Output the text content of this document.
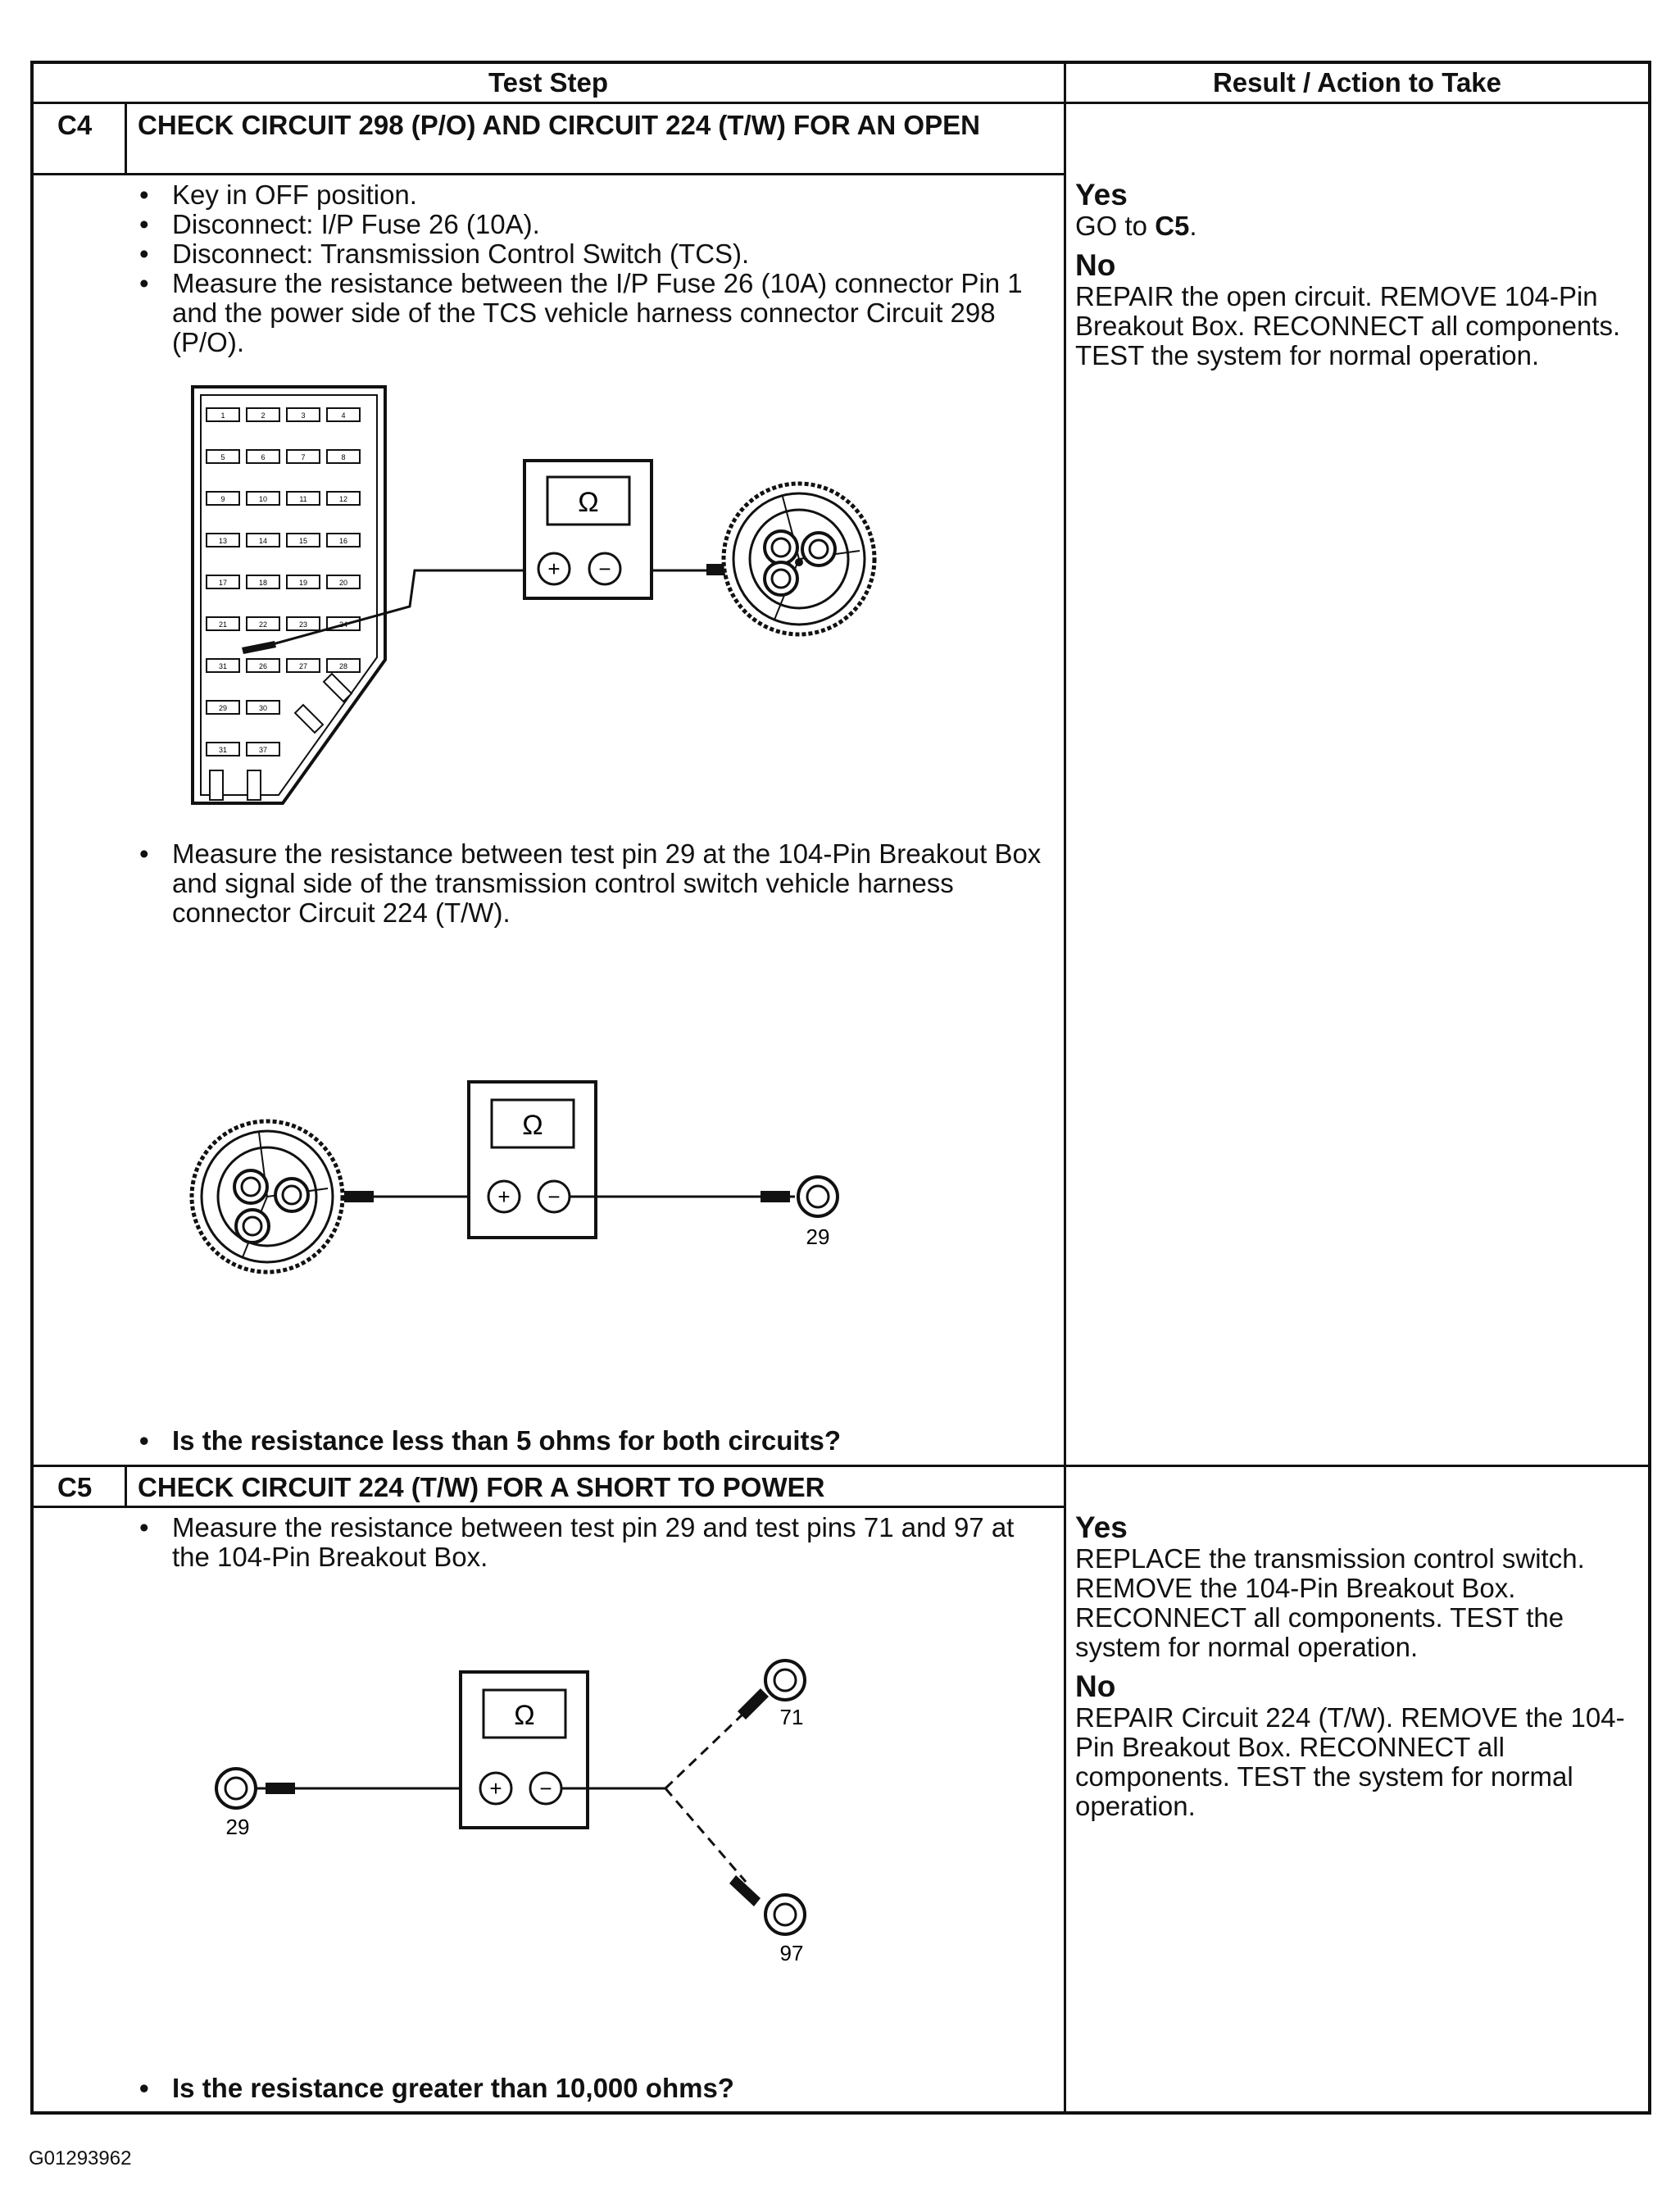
Test Step	Result / Action to Take
C4 CHECK CIRCUIT 298 (P/O) AND CIRCUIT 224 (T/W) FOR AN OPEN
• Key in OFF position.
• Disconnect: I/P Fuse 26 (10A).
• Disconnect: Transmission Control Switch (TCS).
• Measure the resistance between the I/P Fuse 26 (10A) connector Pin 1 and the power side of the TCS vehicle harness connector Circuit 298 (P/O).
1	2	3	4
5	6	7	8
9	10	11	12
13	14	15	16
17	18	19	20
21	22	23	24
31	26	27	28
29	30
31	37
Ω
+ −
• Measure the resistance between test pin 29 at the 104-Pin Breakout Box and signal side of the transmission control switch vehicle harness connector Circuit 224 (T/W).
Ω
+ −
29
• Is the resistance less than 5 ohms for both circuits?
Yes
GO to C5.
No
REPAIR the open circuit. REMOVE 104-Pin Breakout Box. RECONNECT all components. TEST the system for normal operation.
C5 CHECK CIRCUIT 224 (T/W) FOR A SHORT TO POWER
• Measure the resistance between test pin 29 and test pins 71 and 97 at the 104-Pin Breakout Box.
29
Ω
+ −
71
97
• Is the resistance greater than 10,000 ohms?
Yes
REPLACE the transmission control switch. REMOVE the 104-Pin Breakout Box. RECONNECT all components. TEST the system for normal operation.
No
REPAIR Circuit 224 (T/W). REMOVE the 104-Pin Breakout Box. RECONNECT all components. TEST the system for normal operation.
G01293962
